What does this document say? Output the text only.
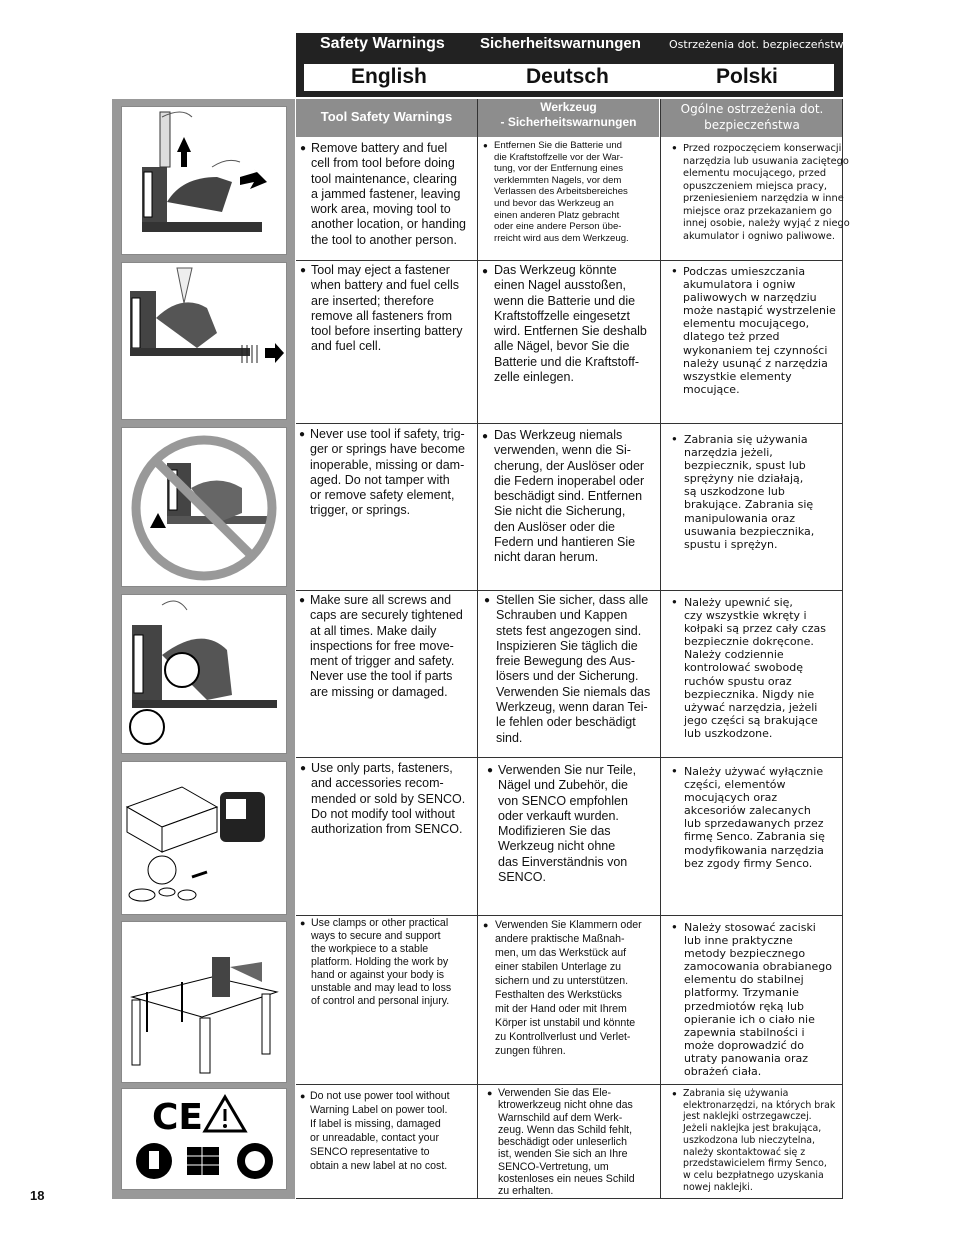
Safety Warnings Sicherheitswarnungen	Ostrzeżenia dot. bezpieczeństwa
English	Deutsch	Polski
CE
Tool Safety Warnings
Werkzeug
- Sicherheitswarnungen
Ogólne ostrzeżenia dot.
bezpieczeństwa
● Remove battery and fuel
cell from tool before doing
tool maintenance, clearing
a jammed fastener, leaving
work area, moving tool to
another location, or handing
the tool to another person.
● Entfernen Sie die Batterie und
die Kraftstoffzelle vor der War-
tung, vor der Entfernung eines
verklemmten Nagels, vor dem
Verlassen des Arbeitsbereiches
und bevor das Werkzeug an
einen anderen Platz gebracht
oder eine andere Person übe-
rreicht wird aus dem Werkzeug.
● Przed rozpoczęciem konserwacji
narzędzia lub usuwania zaciętego
elementu mocującego, przed
opuszczeniem miejsca pracy,
przeniesieniem narzędzia w inne
miejsce oraz przekazaniem go
innej osobie, należy wyjąć z niego
akumulator i ogniwo paliwowe.
● Tool may eject a fastener
when battery and fuel cells
are inserted; therefore
remove all fasteners from
tool before inserting battery
and fuel cell.
● Das Werkzeug könnte
einen Nagel ausstoßen,
wenn die Batterie und die
Kraftstoffzelle eingesetzt
wird. Entfernen Sie deshalb
alle Nägel, bevor Sie die
Batterie und die Kraftstoff-
zelle einlegen.
● Podczas umieszczania
akumulatora i ogniw
paliwowych w narzędziu
może nastąpić wystrzelenie
elementu mocującego,
dlatego też przed
wykonaniem tej czynności
należy usunąć z narzędzia
wszystkie elementy
mocujące.
● Never use tool if safety, trig-
ger or springs have become
inoperable, missing or dam-
aged. Do not tamper with
or remove safety element,
trigger, or springs.
● Das Werkzeug niemals
verwenden, wenn die Si-
cherung, der Auslöser oder
die Federn inoperabel oder
beschädigt sind. Entfernen
Sie nicht die Sicherung,
den Auslöser oder die
Federn und hantieren Sie
nicht daran herum.
● Zabrania się używania
narzędzia jeżeli,
bezpiecznik, spust lub
sprężyny nie działają,
są uszkodzone lub
brakujące. Zabrania się
manipulowania oraz
usuwania bezpiecznika,
spustu i sprężyn.
● Make sure all screws and
caps are securely tightened
at all times. Make daily
inspections for free move-
ment of trigger and safety.
Never use the tool if parts
are missing or damaged.
● Stellen Sie sicher, dass alle
Schrauben und Kappen
stets fest angezogen sind.
Inspizieren Sie täglich die
freie Bewegung des Aus-
lösers und der Sicherung.
Verwenden Sie niemals das
Werkzeug, wenn daran Tei-
le fehlen oder beschädigt
sind.
● Należy upewnić się,
czy wszystkie wkręty i
kołpaki są przez cały czas
bezpiecznie dokręcone.
Należy codziennie
kontrolować swobodę
ruchów spustu oraz
bezpiecznika. Nigdy nie
używać narzędzia, jeżeli
jego części są brakujące
lub uszkodzone.
● Use only parts, fasteners,
and accessories recom-
mended or sold by SENCO.
Do not modify tool without
authorization from SENCO.
● Verwenden Sie nur Teile,
Nägel und Zubehör, die
von SENCO empfohlen
oder verkauft wurden.
Modifizieren Sie das
Werkzeug nicht ohne
das Einverständnis von
SENCO.
● Należy używać wyłącznie
części, elementów
mocujących oraz
akcesoriów zalecanych
lub sprzedawanych przez
firmę Senco. Zabrania się
modyfikowania narzędzia
bez zgody firmy Senco.
● Use clamps or other practical
ways to secure and support
the workpiece to a stable
platform. Holding the work by
hand or against your body is
unstable and may lead to loss
of control and personal injury.
● Verwenden Sie Klammern oder
andere praktische Maßnah-
men, um das Werkstück auf
einer stabilen Unterlage zu
sichern und zu unterstützen.
Festhalten des Werkstücks
mit der Hand oder mit Ihrem
Körper ist unstabil und könnte
zu Kontrollverlust und Verlet-
zungen führen.
● Należy stosować zaciski
lub inne praktyczne
metody bezpiecznego
zamocowania obrabianego
elementu do stabilnej
platformy. Trzymanie
przedmiotów ręką lub
opieranie ich o ciało nie
zapewnia stabilności i
może doprowadzić do
utraty panowania oraz
obrażeń ciała.
● Do not use power tool without
Warning Label on power tool.
If label is missing, damaged
or unreadable, contact your
SENCO representative to
obtain a new label at no cost.
● Verwenden Sie das Ele-
ktrowerkzeug nicht ohne das
Warnschild auf dem Werk-
zeug. Wenn das Schild fehlt,
beschädigt oder unleserlich
ist, wenden Sie sich an Ihre
SENCO-Vertretung, um
kostenloses ein neues Schild
zu erhalten.
● Zabrania się używania
elektronarzędzi, na których brak
jest naklejki ostrzegawczej.
Jeżeli naklejka jest brakująca,
uszkodzona lub nieczytelna,
należy skontaktować się z
przedstawicielem firmy Senco,
w celu bezpłatnego uzyskania
nowej naklejki.
18
